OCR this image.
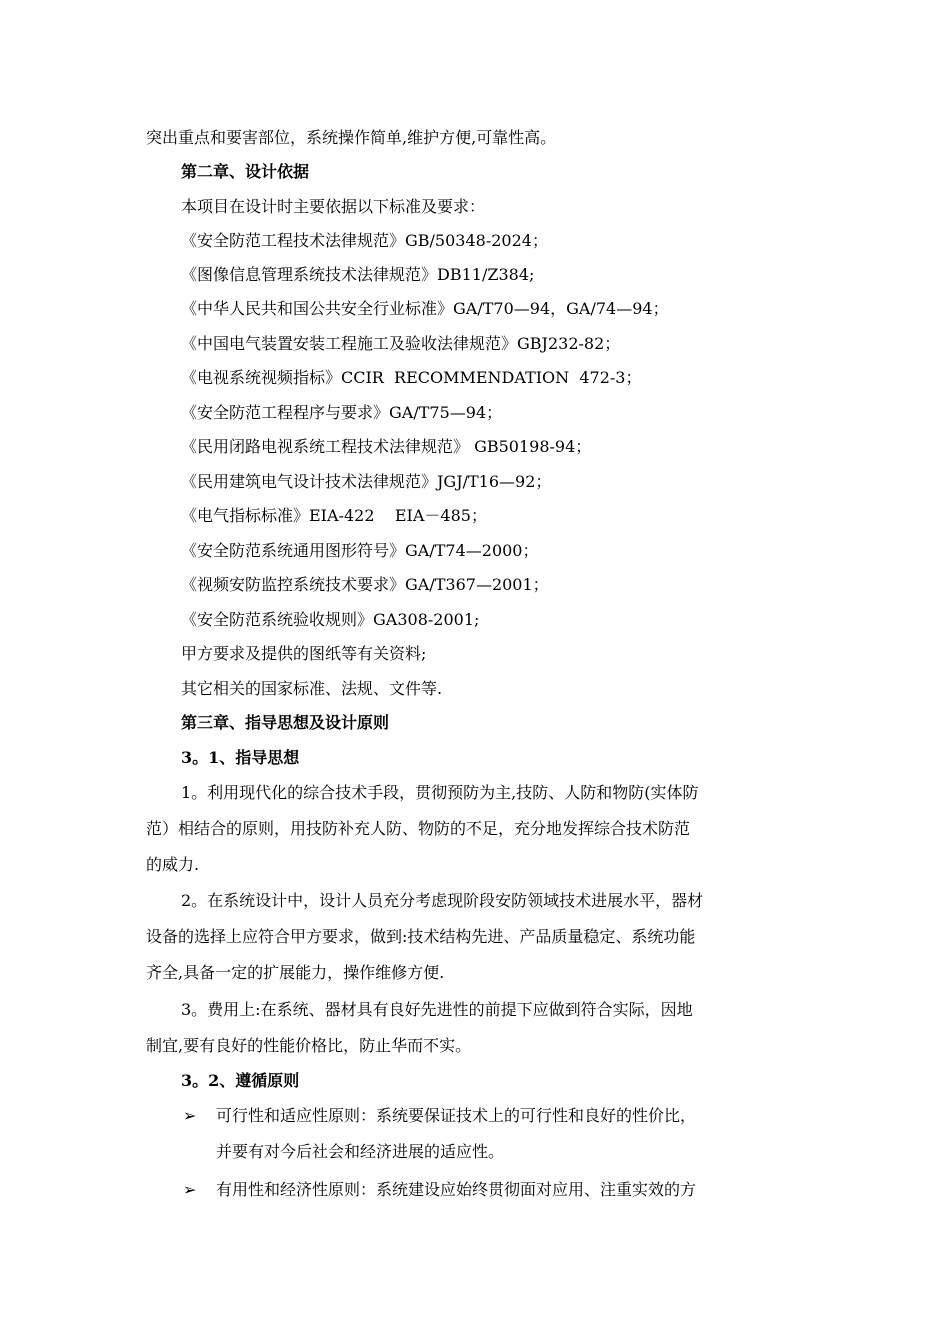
突出重点和要害部位，系统操作简单,维护方便,可靠性高。
第二章、设计依据
本项目在设计时主要依据以下标准及要求：
《安全防范工程技术法律规范》GB/50348-2024；
《图像信息管理系统技术法律规范》DB11/Z384;
《中华人民共和国公共安全行业标准》GA/T70—94，GA/74—94；
《中国电气装置安装工程施工及验收法律规范》GBJ232-82；
《电视系统视频指标》CCIR  RECOMMENDATION  472-3；
《安全防范工程程序与要求》GA/T75—94；
《民用闭路电视系统工程技术法律规范》 GB50198-94；
《民用建筑电气设计技术法律规范》JGJ/T16—92；
《电气指标标准》EIA-422    EIA－485；
《安全防范系统通用图形符号》GA/T74—2000；
《视频安防监控系统技术要求》GA/T367—2001；
《安全防范系统验收规则》GA308-2001;
甲方要求及提供的图纸等有关资料;
其它相关的国家标准、法规、文件等.
第三章、指导思想及设计原则
3。1、指导思想
1。利用现代化的综合技术手段，贯彻预防为主,技防、人防和物防(实体防
范）相结合的原则，用技防补充人防、物防的不足，充分地发挥综合技术防范
的威力.
2。在系统设计中，设计人员充分考虑现阶段安防领域技术进展水平，器材
设备的选择上应符合甲方要求，做到:技术结构先进、产品质量稳定、系统功能
齐全,具备一定的扩展能力，操作维修方便.
3。费用上:在系统、器材具有良好先进性的前提下应做到符合实际，因地
制宜,要有良好的性能价格比，防止华而不实。
3。2、遵循原则
➢ 可行性和适应性原则：系统要保证技术上的可行性和良好的性价比，
并要有对今后社会和经济进展的适应性。
➢ 有用性和经济性原则：系统建设应始终贯彻面对应用、注重实效的方
